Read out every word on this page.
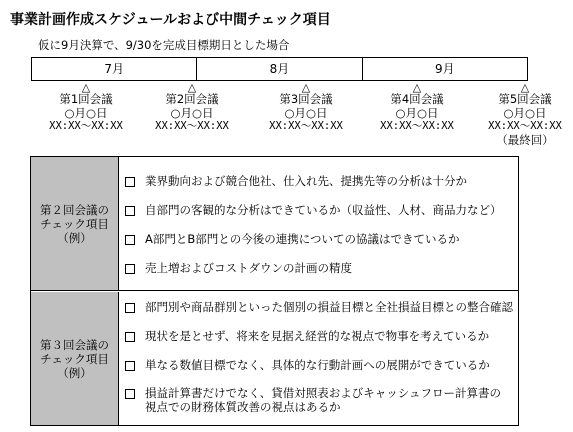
事業計画作成スケジュールおよび中間チェック項目
仮に9月決算で、9/30を完成目標期日とした場合
7月	8月	9月
△
第1回会議
○月○日
XX:XX～XX:XX
△
第2回会議
○月○日
XX:XX～XX:XX
△
第3回会議
○月○日
XX:XX～XX:XX
△
第4回会議
○月○日
XX:XX～XX:XX
△
第5回会議
○月○日
XX:XX～XX:XX
（最終回）
第２回会議の
チェック項目
（例）
業界動向および競合他社、仕入れ先、提携先等の分析は十分か
自部門の客観的な分析はできているか（収益性、人材、商品力など）
A部門とB部門との今後の連携についての協議はできているか
売上増およびコストダウンの計画の精度
第３回会議の
チェック項目
（例）
部門別や商品群別といった個別の損益目標と全社損益目標との整合確認
現状を是とせず、将来を見据え経営的な視点で物事を考えているか
単なる数値目標でなく、具体的な行動計画への展開ができているか
損益計算書だけでなく、貸借対照表およびキャッシュフロー計算書の
視点での財務体質改善の視点はあるか
